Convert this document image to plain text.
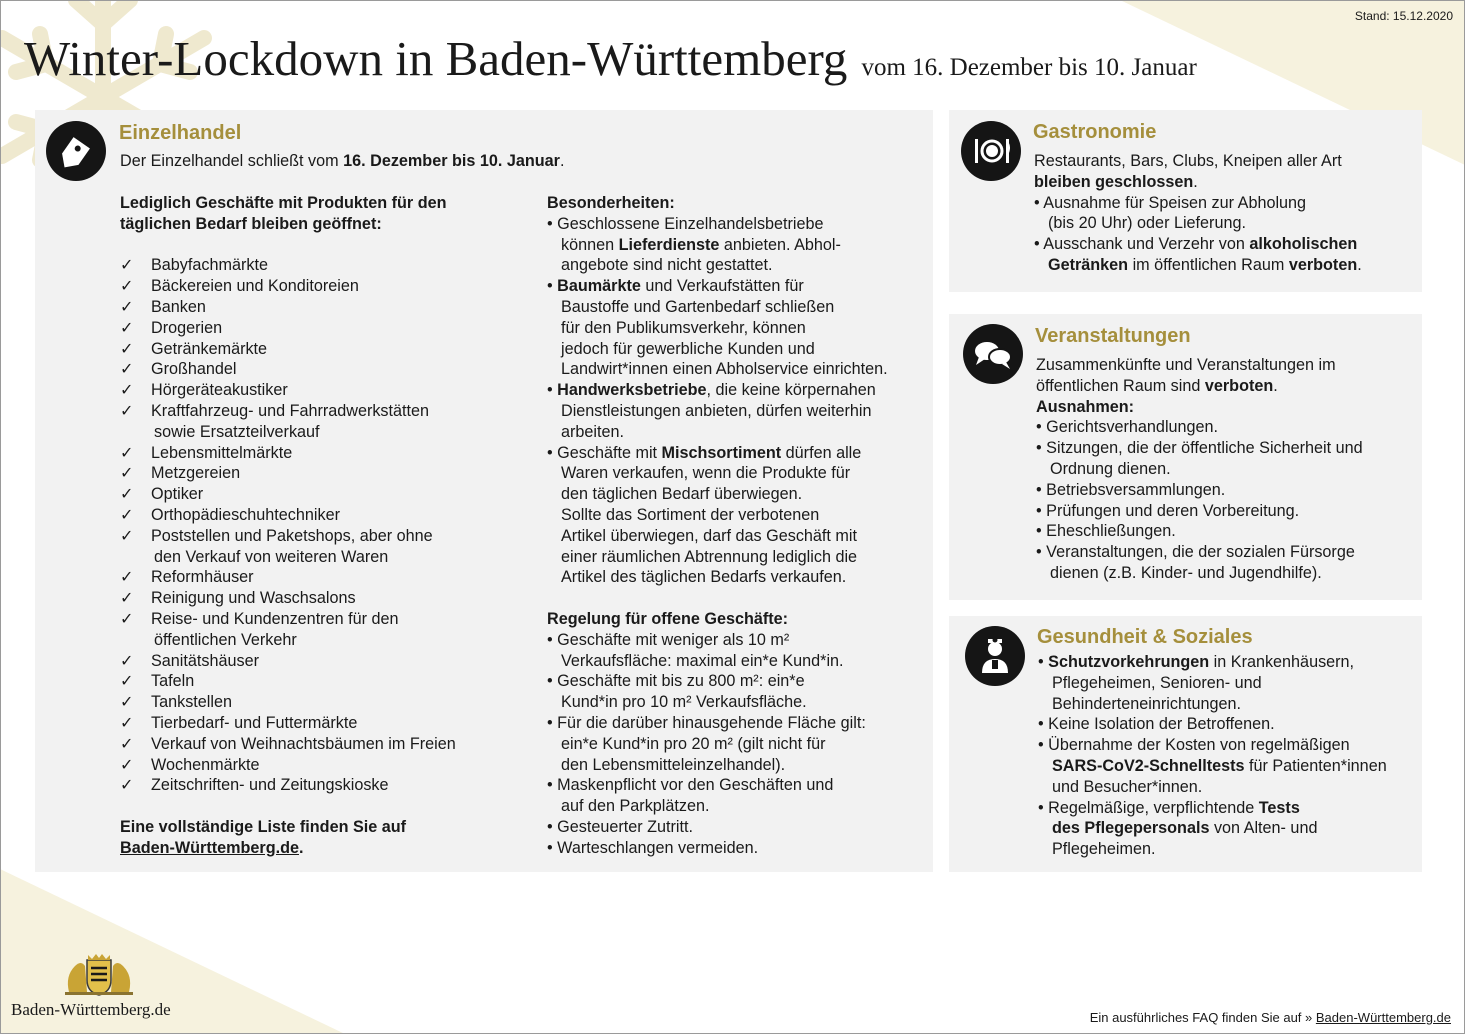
Stand: 15.12.2020
Winter-Lockdown in Baden-Württemberg vom 16. Dezember bis 10. Januar
Einzelhandel
Der Einzelhandel schließt vom 16. Dezember bis 10. Januar.
Lediglich Geschäfte mit Produkten für den
täglichen Bedarf bleiben geöffnet:
✓ Babyfachmärkte
✓ Bäckereien und Konditoreien
✓ Banken
✓ Drogerien
✓ Getränkemärkte
✓ Großhandel
✓ Hörgeräteakustiker
✓ Kraftfahrzeug- und Fahrradwerkstätten
sowie Ersatzteilverkauf
✓ Lebensmittelmärkte
✓ Metzgereien
✓ Optiker
✓ Orthopädieschuhtechniker
✓ Poststellen und Paketshops, aber ohne
den Verkauf von weiteren Waren
✓ Reformhäuser
✓ Reinigung und Waschsalons
✓ Reise- und Kundenzentren für den
öffentlichen Verkehr
✓ Sanitätshäuser
✓ Tafeln
✓ Tankstellen
✓ Tierbedarf- und Futtermärkte
✓ Verkauf von Weihnachtsbäumen im Freien
✓ Wochenmärkte
✓ Zeitschriften- und Zeitungskioske
Eine vollständige Liste finden Sie auf
Baden-Württemberg.de.
Besonderheiten:
• Geschlossene Einzelhandelsbetriebe
können Lieferdienste anbieten. Abhol-
angebote sind nicht gestattet.
• Baumärkte und Verkaufstätten für
Baustoffe und Gartenbedarf schließen
für den Publikumsverkehr, können
jedoch für gewerbliche Kunden und
Landwirt*innen einen Abholservice einrichten.
• Handwerksbetriebe, die keine körpernahen
Dienstleistungen anbieten, dürfen weiterhin
arbeiten.
• Geschäfte mit Mischsortiment dürfen alle
Waren verkaufen, wenn die Produkte für
den täglichen Bedarf überwiegen.
Sollte das Sortiment der verbotenen
Artikel überwiegen, darf das Geschäft mit
einer räumlichen Abtrennung lediglich die
Artikel des täglichen Bedarfs verkaufen.
Regelung für offene Geschäfte:
• Geschäfte mit weniger als 10 m²
Verkaufsfläche: maximal ein*e Kund*in.
• Geschäfte mit bis zu 800 m²: ein*e
Kund*in pro 10 m² Verkaufsfläche.
• Für die darüber hinausgehende Fläche gilt:
ein*e Kund*in pro 20 m² (gilt nicht für
den Lebensmitteleinzelhandel).
• Maskenpflicht vor den Geschäften und
auf den Parkplätzen.
• Gesteuerter Zutritt.
• Warteschlangen vermeiden.
Gastronomie
Restaurants, Bars, Clubs, Kneipen aller Art
bleiben geschlossen.
• Ausnahme für Speisen zur Abholung
(bis 20 Uhr) oder Lieferung.
• Ausschank und Verzehr von alkoholischen
Getränken im öffentlichen Raum verboten.
Veranstaltungen
Zusammenkünfte und Veranstaltungen im
öffentlichen Raum sind verboten.
Ausnahmen:
• Gerichtsverhandlungen.
• Sitzungen, die der öffentliche Sicherheit und
Ordnung dienen.
• Betriebsversammlungen.
• Prüfungen und deren Vorbereitung.
• Eheschließungen.
• Veranstaltungen, die der sozialen Fürsorge
dienen (z.B. Kinder- und Jugendhilfe).
Gesundheit & Soziales
• Schutzvorkehrungen in Krankenhäusern,
Pflegeheimen, Senioren- und
Behinderteneinrichtungen.
• Keine Isolation der Betroffenen.
• Übernahme der Kosten von regelmäßigen
SARS-CoV2-Schnelltests für Patienten*innen
und Besucher*innen.
• Regelmäßige, verpflichtende Tests
des Pflegepersonals von Alten- und
Pflegeheimen.
Baden-Württemberg.de	Ein ausführliches FAQ finden Sie auf » Baden-Württemberg.de
